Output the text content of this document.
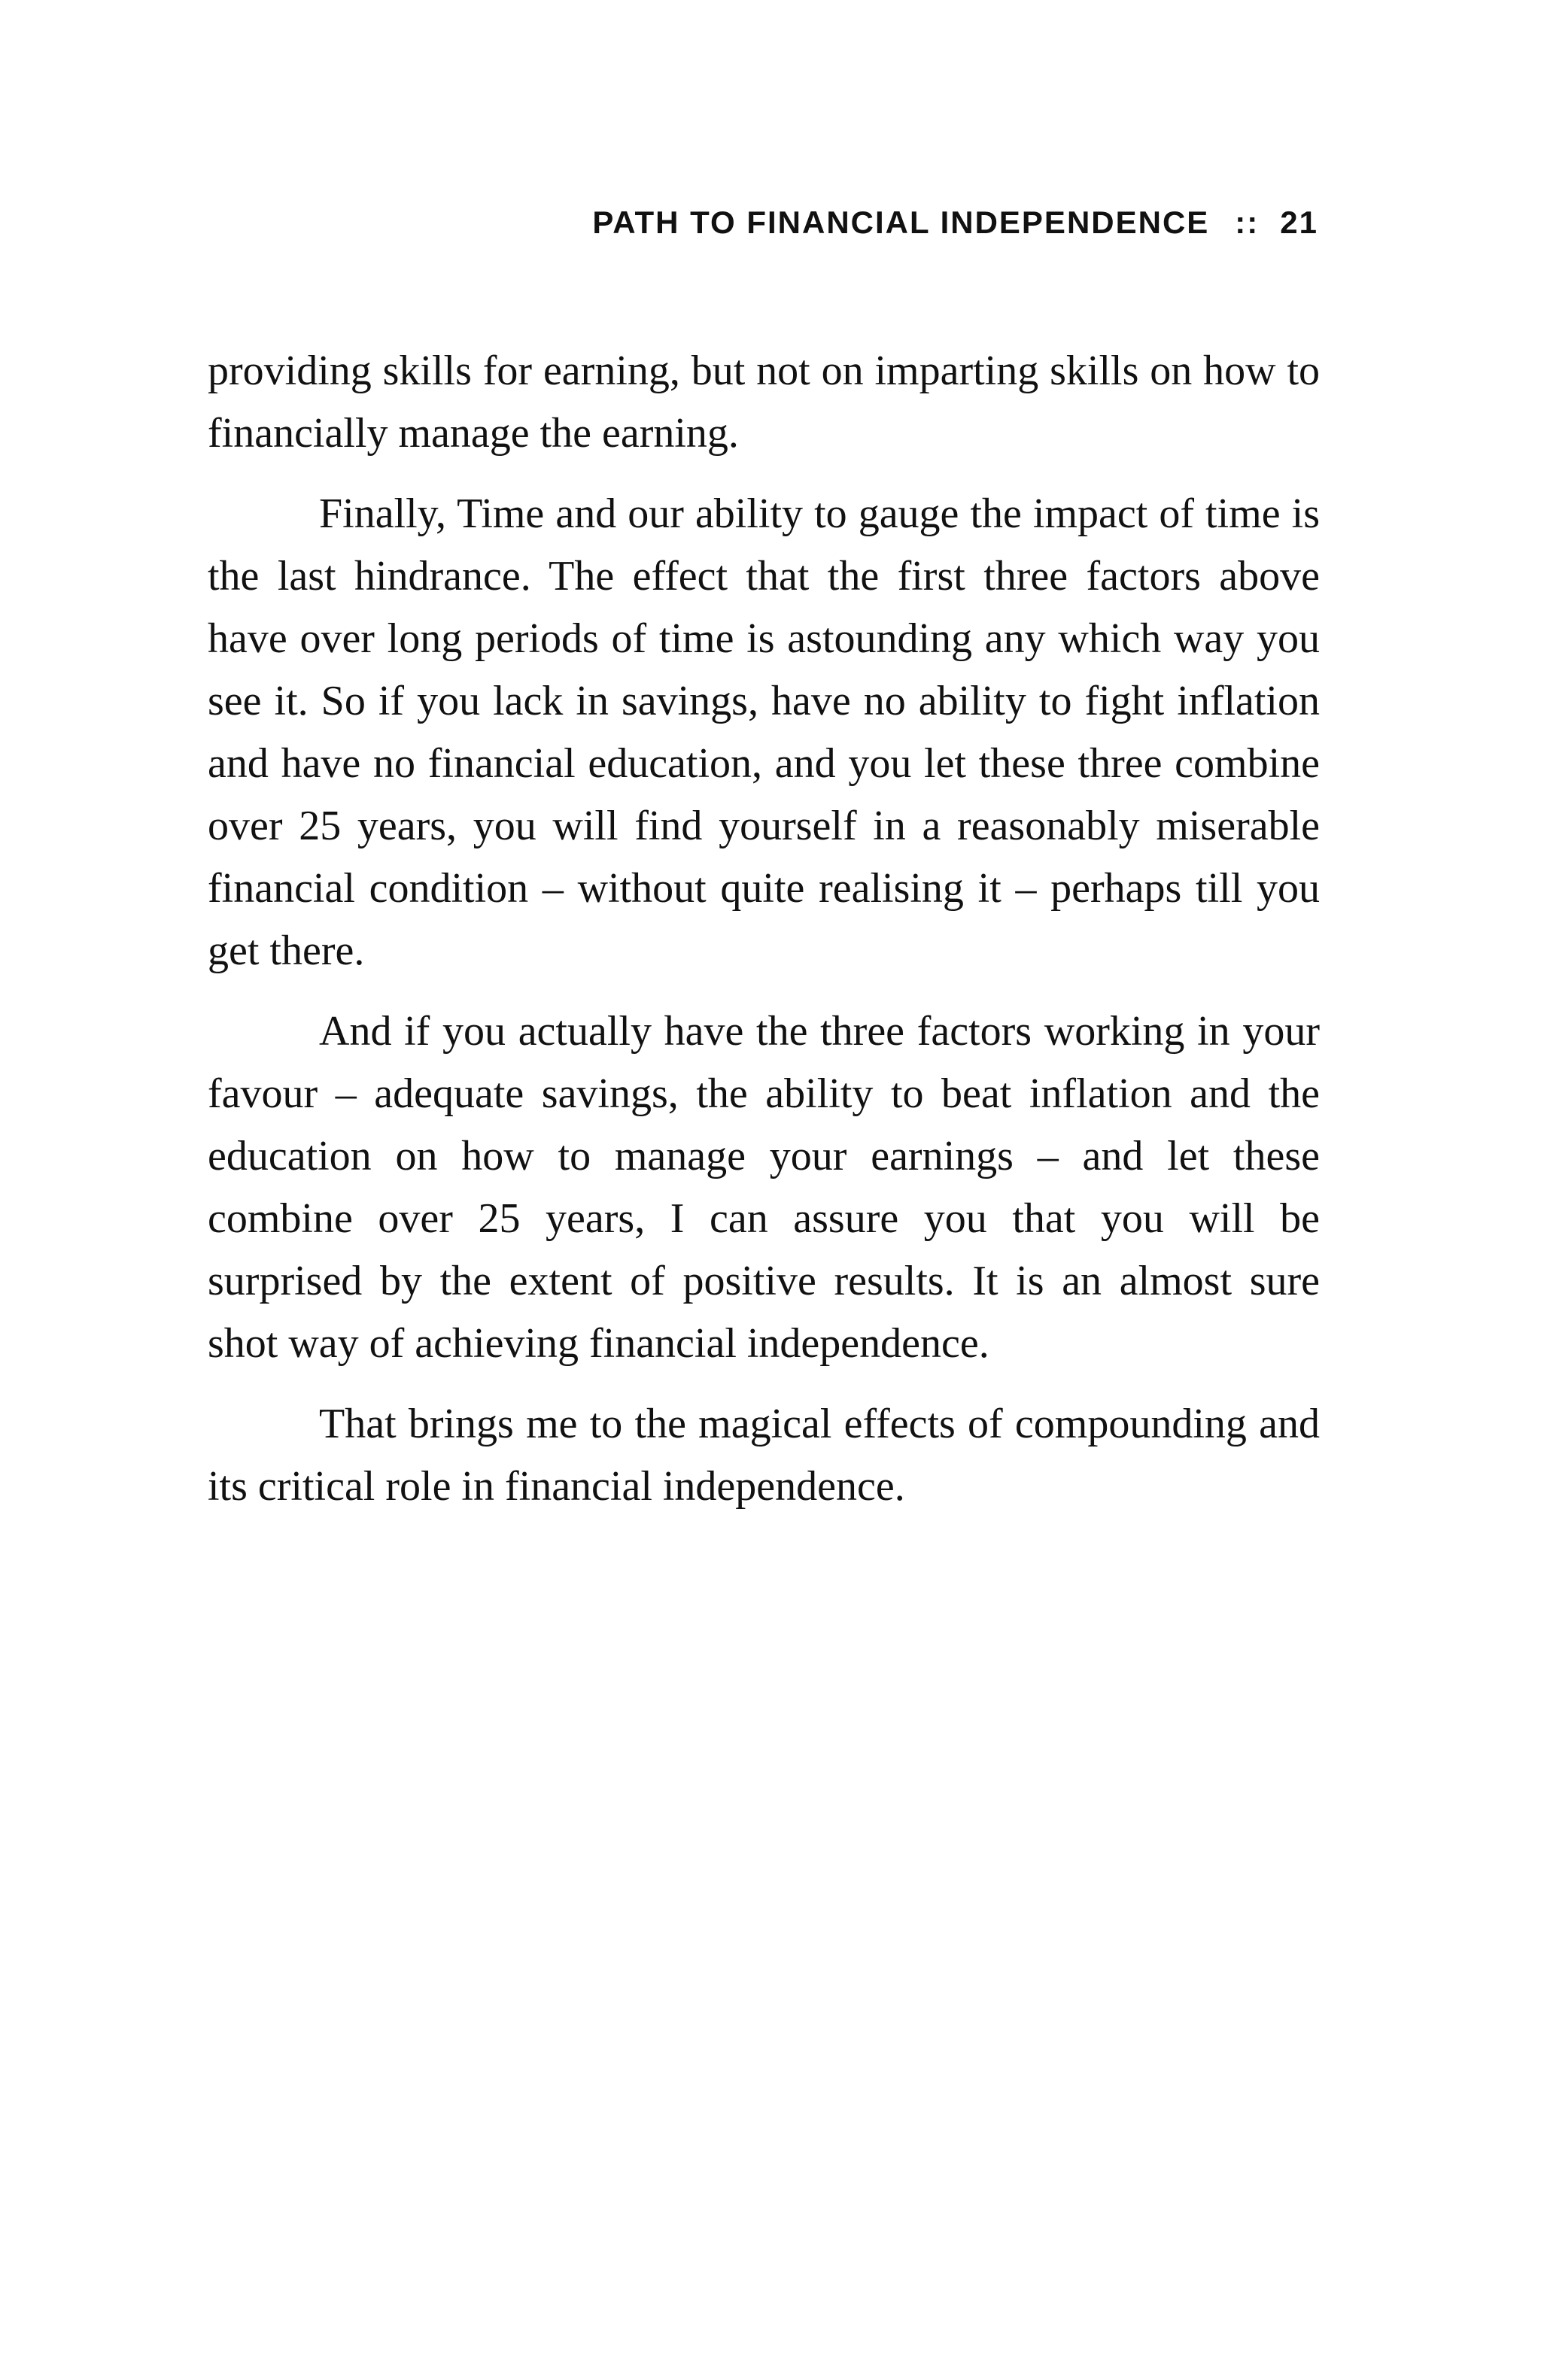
PATH TO FINANCIAL INDEPENDENCE :: 21

providing skills for earning, but not on imparting skills on how to financially manage the earning.

Finally, Time and our ability to gauge the impact of time is the last hindrance. The effect that the first three factors above have over long periods of time is astounding any which way you see it. So if you lack in savings, have no ability to fight inflation and have no financial education, and you let these three combine over 25 years, you will find yourself in a reasonably miserable financial condition – without quite realising it – perhaps till you get there.

And if you actually have the three factors working in your favour – adequate savings, the ability to beat inflation and the education on how to manage your earnings – and let these combine over 25 years, I can assure you that you will be surprised by the extent of positive results. It is an almost sure shot way of achieving financial independence.

That brings me to the magical effects of compounding and its critical role in financial independence.
